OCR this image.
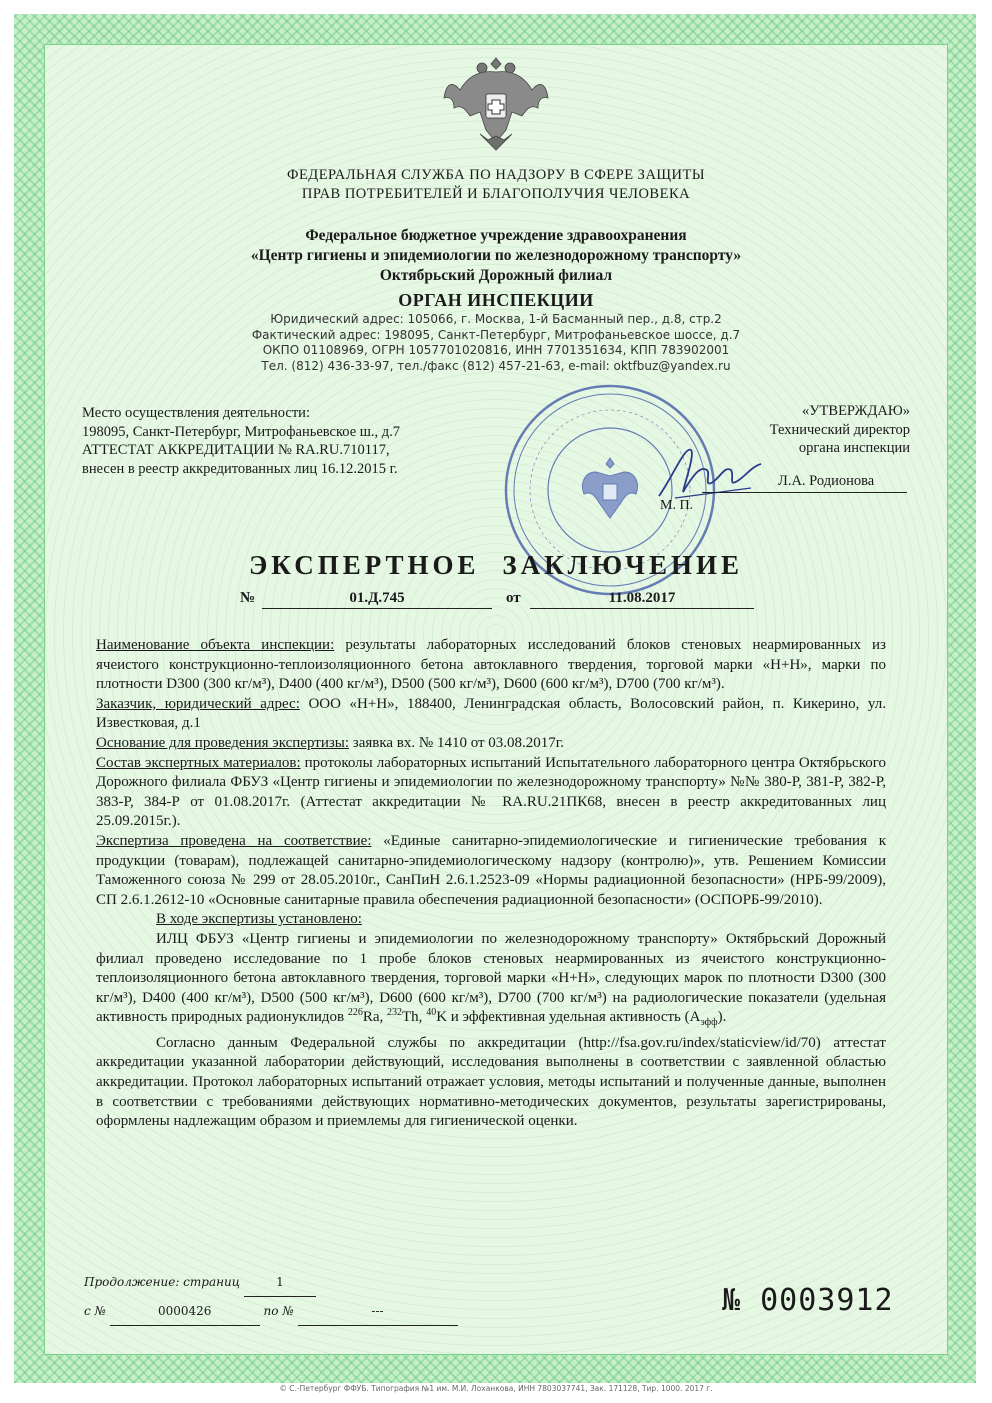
ФЕДЕРАЛЬНАЯ СЛУЖБА ПО НАДЗОРУ В СФЕРЕ ЗАЩИТЫ
ПРАВ ПОТРЕБИТЕЛЕЙ И БЛАГОПОЛУЧИЯ ЧЕЛОВЕКА
Федеральное бюджетное учреждение здравоохранения
«Центр гигиены и эпидемиологии по железнодорожному транспорту»
Октябрьский Дорожный филиал
ОРГАН ИНСПЕКЦИИ
Юридический адрес: 105066, г. Москва, 1-й Басманный пер., д.8, стр.2
Фактический адрес: 198095, Санкт-Петербург, Митрофаньевское шоссе, д.7
ОКПО 01108969, ОГРН 1057701020816, ИНН 7701351634, КПП 783902001
Тел. (812) 436-33-97, тел./факс (812) 457-21-63, e-mail: oktfbuz@yandex.ru
Место осуществления деятельности:
198095, Санкт-Петербург, Митрофаньевское ш., д.7
АТТЕСТАТ АККРЕДИТАЦИИ № RA.RU.710117,
внесен в реестр аккредитованных лиц 16.12.2015 г.
«УТВЕРЖДАЮ»
Технический директор
органа инспекции
Л.А. Родионова
М. П.
ЭКСПЕРТНОЕ ЗАКЛЮЧЕНИЕ
№	01.Д.745	от	11.08.2017

Наименование объекта инспекции: результаты лабораторных исследований блоков стеновых неармированных из ячеистого конструкционно-теплоизоляционного бетона автоклавного твердения, торговой марки «Н+Н», марки по плотности D300 (300 кг/м³), D400 (400 кг/м³), D500 (500 кг/м³), D600 (600 кг/м³), D700 (700 кг/м³).

Заказчик, юридический адрес: ООО «Н+Н», 188400, Ленинградская область, Волосовский район, п. Кикерино, ул. Известковая, д.1

Основание для проведения экспертизы: заявка вх. № 1410 от 03.08.2017г.

Состав экспертных материалов: протоколы лабораторных испытаний Испытательного лабораторного центра Октябрьского Дорожного филиала ФБУЗ «Центр гигиены и эпидемиологии по железнодорожному транспорту» №№ 380-Р, 381-Р, 382-Р, 383-Р, 384-Р от 01.08.2017г. (Аттестат аккредитации № RA.RU.21ПК68, внесен в реестр аккредитованных лиц 25.09.2015г.).

Экспертиза проведена на соответствие: «Единые санитарно-эпидемиологические и гигиенические требования к продукции (товарам), подлежащей санитарно-эпидемиологическому надзору (контролю)», утв. Решением Комиссии Таможенного союза № 299 от 28.05.2010г., СанПиН 2.6.1.2523-09 «Нормы радиационной безопасности» (НРБ-99/2009), СП 2.6.1.2612-10 «Основные санитарные правила обеспечения радиационной безопасности» (ОСПОРБ-99/2010).

В ходе экспертизы установлено:

ИЛЦ ФБУЗ «Центр гигиены и эпидемиологии по железнодорожному транспорту» Октябрьский Дорожный филиал проведено исследование по 1 пробе блоков стеновых неармированных из ячеистого конструкционно-теплоизоляционного бетона автоклавного твердения, торговой марки «Н+Н», следующих марок по плотности D300 (300 кг/м³), D400 (400 кг/м³), D500 (500 кг/м³), D600 (600 кг/м³), D700 (700 кг/м³) на радиологические показатели (удельная активность природных радионуклидов $^{226}$Ra, $^{232}$Th, $^{40}$K и эффективная удельная активность $(А_{эфф})$.

Согласно данным Федеральной службы по аккредитации (http://fsa.gov.ru/index/staticview/id/70) аттестат аккредитации указанной лаборатории действующий, исследования выполнены в соответствии с заявленной областью аккредитации. Протокол лабораторных испытаний отражает условия, методы испытаний и полученные данные, выполнен в соответствии с требованиями действующих нормативно-методических документов, результаты зарегистрированы, оформлены надлежащим образом и приемлемы для гигиенической оценки.

Продолжение: страниц	1
с №	0000426	по №	---	№ 0003912
© С.-Петербург ФФУБ. Типография №1 им. М.И. Лоханкова, ИНН 7803037741, Зак. 171128, Тир. 1000. 2017 г.
